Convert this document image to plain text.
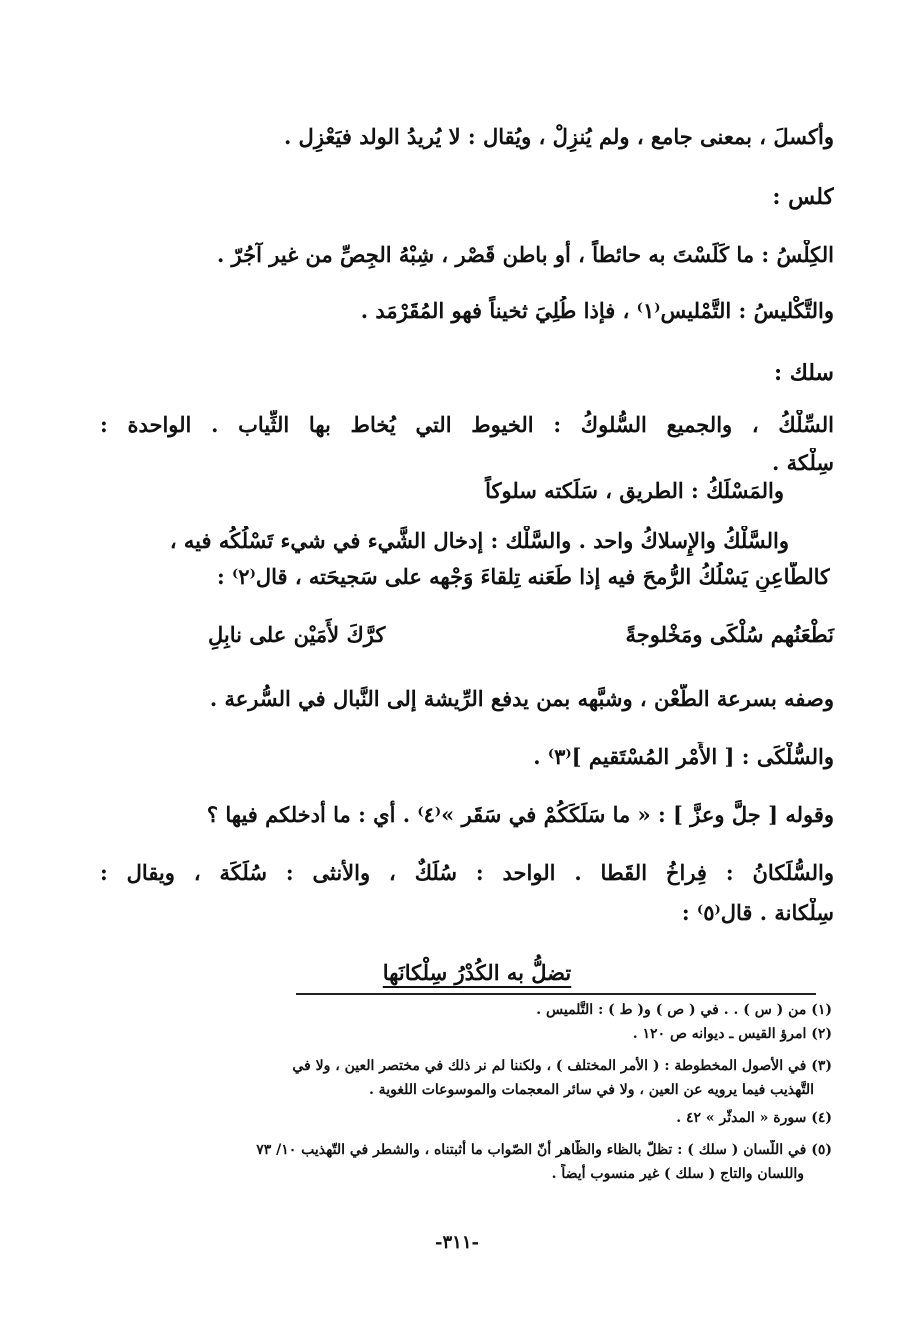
وأكسلَ ، بمعنى جامع ، ولم يُنزِلْ ، ويُقال : لا يُريدُ الولد فيَعْزِل .
كلس :
الكِلْسُ : ما كَلَسْتَ به حائطاً ، أو باطن قَصْر ، شِبْهُ الجِصِّ من غير آجُرّ .
والتَّكْليسُ : التَّمْليس⁽١⁾ ، فإذا طُلِيَ ثخيناً فهو المُقَرْمَد .
سلك :
السِّلْكُ ، والجميع السُّلوكُ : الخيوط التي يُخاط بها الثِّياب . الواحدة :
سِلْكة .
والمَسْلَكُ : الطريق ، سَلَكته سلوكاً
والسَّلْكُ والإِسلاكُ واحد . والسَّلْك : إدخال الشَّيء في شيء تَسْلُكُه فيه ،
كالطَّاعِنِ يَسْلُكُ الرُّمحَ فيه إذا طَعَنه تِلقاءَ وَجْهه على سَجيحَته ، قال⁽٢⁾ :
نَطْعَنُهم سُلْكَى ومَخْلوجةً
كرَّكَ لأَمَيْن على نابِلِ
وصفه بسرعة الطَّعْن ، وشبَّهه بمن يدفع الرِّيشة إلى النَّبال في السُّرعة .
والسُّلْكَى : [ الأَمْر المُسْتَقيم ]⁽٣⁾ .
وقوله [ جلَّ وعزَّ ] : « ما سَلَكَكُمْ في سَقَر »⁽٤⁾ . أي : ما أدخلكم فيها ؟
والسُّلَكانُ : فِراخُ القَطا . الواحد : سُلَكٌ ، والأنثى : سُلَكَة ، ويقال :
سِلْكانة . قال⁽٥⁾ :
تضلُّ به الكُدْرُ سِلْكانَها
(١) من ( س ) . . في ( ص ) و( ط ) : التَّلميس .
(٢) امرؤ القيس ـ ديوانه ص ١٢٠ .
(٣) في الأصول المخطوطة : ( الأمر المختلف ) ، ولكننا لم نر ذلك في مختصر العين ، ولا في
التَّهذيب فيما يرويه عن العين ، ولا في سائر المعجمات والموسوعات اللغوية .
(٤) سورة « المدثّر » ٤٢ .
(٥) في اللّسان ( سلك ) : تظلّ بالظاء والظّاهر أنّ الصّواب ما أثبتناه ، والشطر في التّهذيب ١٠/ ٧٣
واللسان والتاج ( سلك ) غير منسوب أيضاً .
-٣١١-
